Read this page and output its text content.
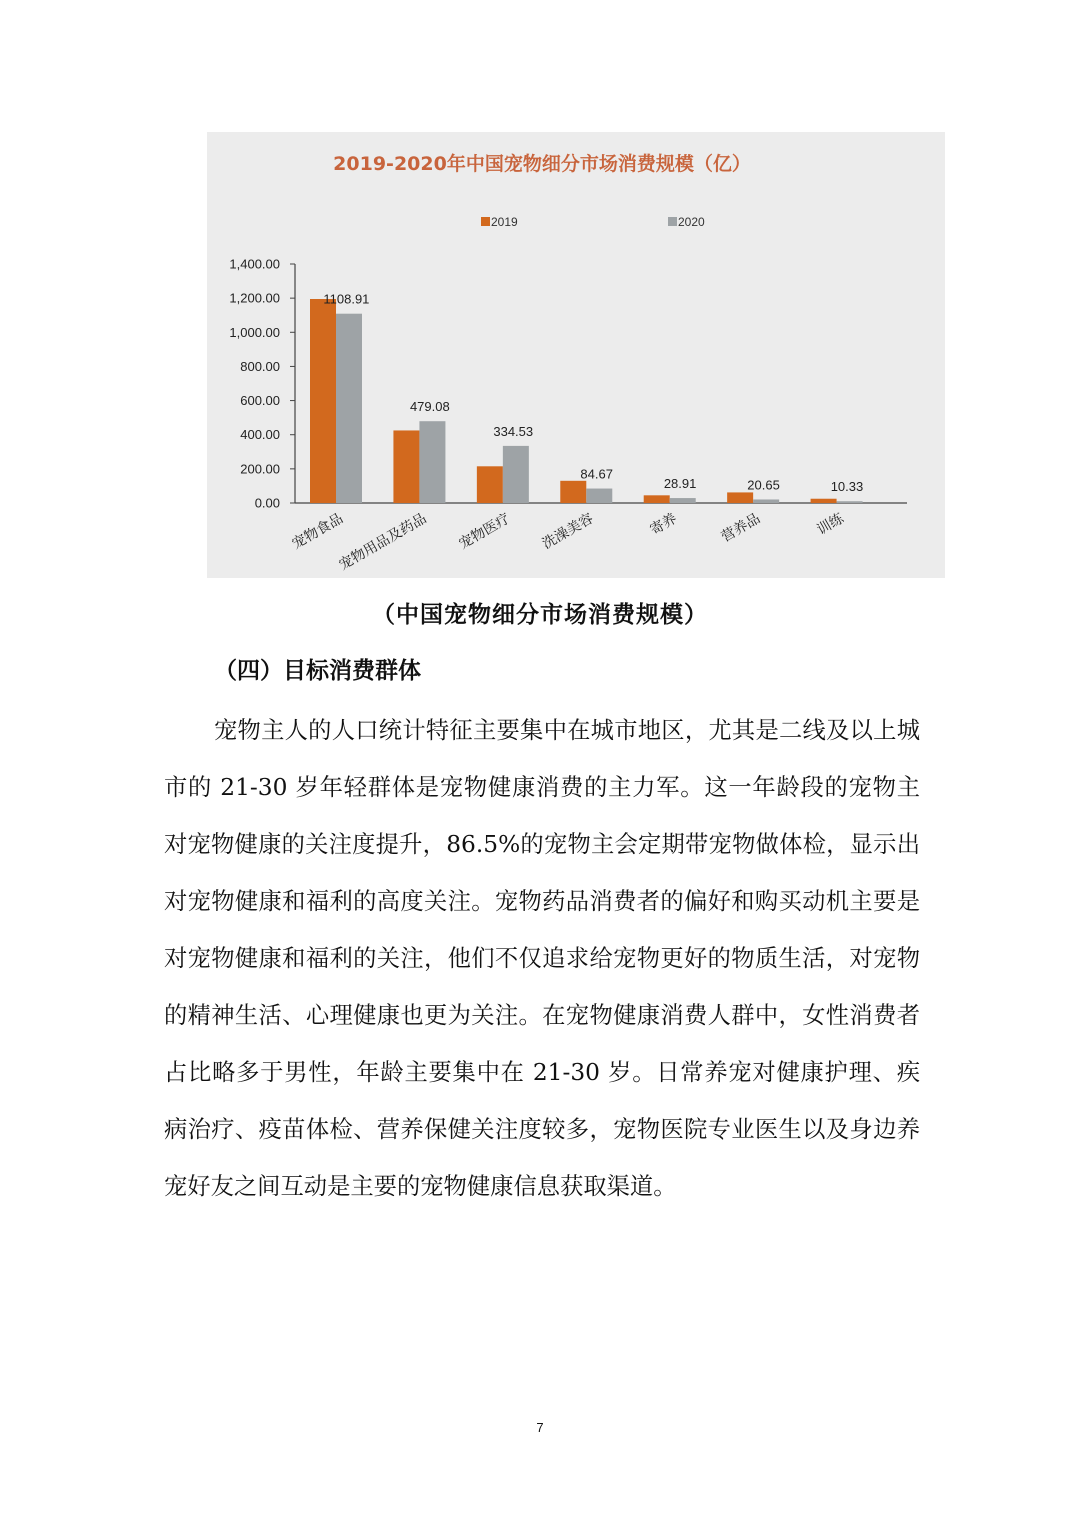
2019-2020年中国宠物细分市场消费规模（亿）
2019	2020
0.00
200.00
400.00
600.00
800.00
1,000.00
1,200.00
1,400.00
宠物食品
宠物用品及药品 宠物医疗 洗澡美容	寄养	营养品	训练
1108.91
479.08
334.53
84.67
28.91	20.65	10.33
（中国宠物细分市场消费规模）
（四）目标消费群体

宠物主人的人口统计特征主要集中在城市地区，尤其是二线及以上城市的 21-30 岁年轻群体是宠物健康消费的主力军。这一年龄段的宠物主对宠物健康的关注度提升，86.5%的宠物主会定期带宠物做体检，显示出对宠物健康和福利的高度关注。宠物药品消费者的偏好和购买动机主要是对宠物健康和福利的关注，他们不仅追求给宠物更好的物质生活，对宠物的精神生活、心理健康也更为关注。在宠物健康消费人群中，女性消费者占比略多于男性，年龄主要集中在 21-30 岁。日常养宠对健康护理、疾病治疗、疫苗体检、营养保健关注度较多，宠物医院专业医生以及身边养宠好友之间互动是主要的宠物健康信息获取渠道。

7
